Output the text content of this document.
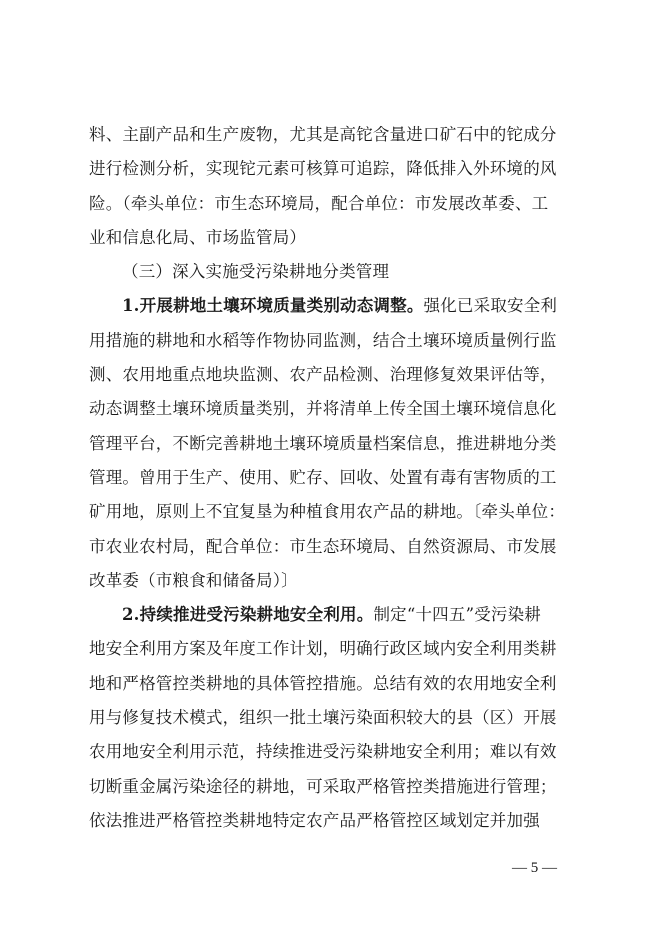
料、主副产品和生产废物，尤其是高铊含量进口矿石中的铊成分
进行检测分析，实现铊元素可核算可追踪，降低排入外环境的风
险。（牵头单位：市生态环境局，配合单位：市发展改革委、工
业和信息化局、市场监管局）
（三）深入实施受污染耕地分类管理
1.开展耕地土壤环境质量类别动态调整。强化已采取安全利
用措施的耕地和水稻等作物协同监测，结合土壤环境质量例行监
测、农用地重点地块监测、农产品检测、治理修复效果评估等，
动态调整土壤环境质量类别，并将清单上传全国土壤环境信息化
管理平台，不断完善耕地土壤环境质量档案信息，推进耕地分类
管理。曾用于生产、使用、贮存、回收、处置有毒有害物质的工
矿用地，原则上不宜复垦为种植食用农产品的耕地。〔牵头单位：
市农业农村局，配合单位：市生态环境局、自然资源局、市发展
改革委（市粮食和储备局）〕
2.持续推进受污染耕地安全利用。制定“十四五”受污染耕
地安全利用方案及年度工作计划，明确行政区域内安全利用类耕
地和严格管控类耕地的具体管控措施。总结有效的农用地安全利
用与修复技术模式，组织一批土壤污染面积较大的县（区）开展
农用地安全利用示范，持续推进受污染耕地安全利用；难以有效
切断重金属污染途径的耕地，可采取严格管控类措施进行管理；
依法推进严格管控类耕地特定农产品严格管控区域划定并加强
— 5 —
